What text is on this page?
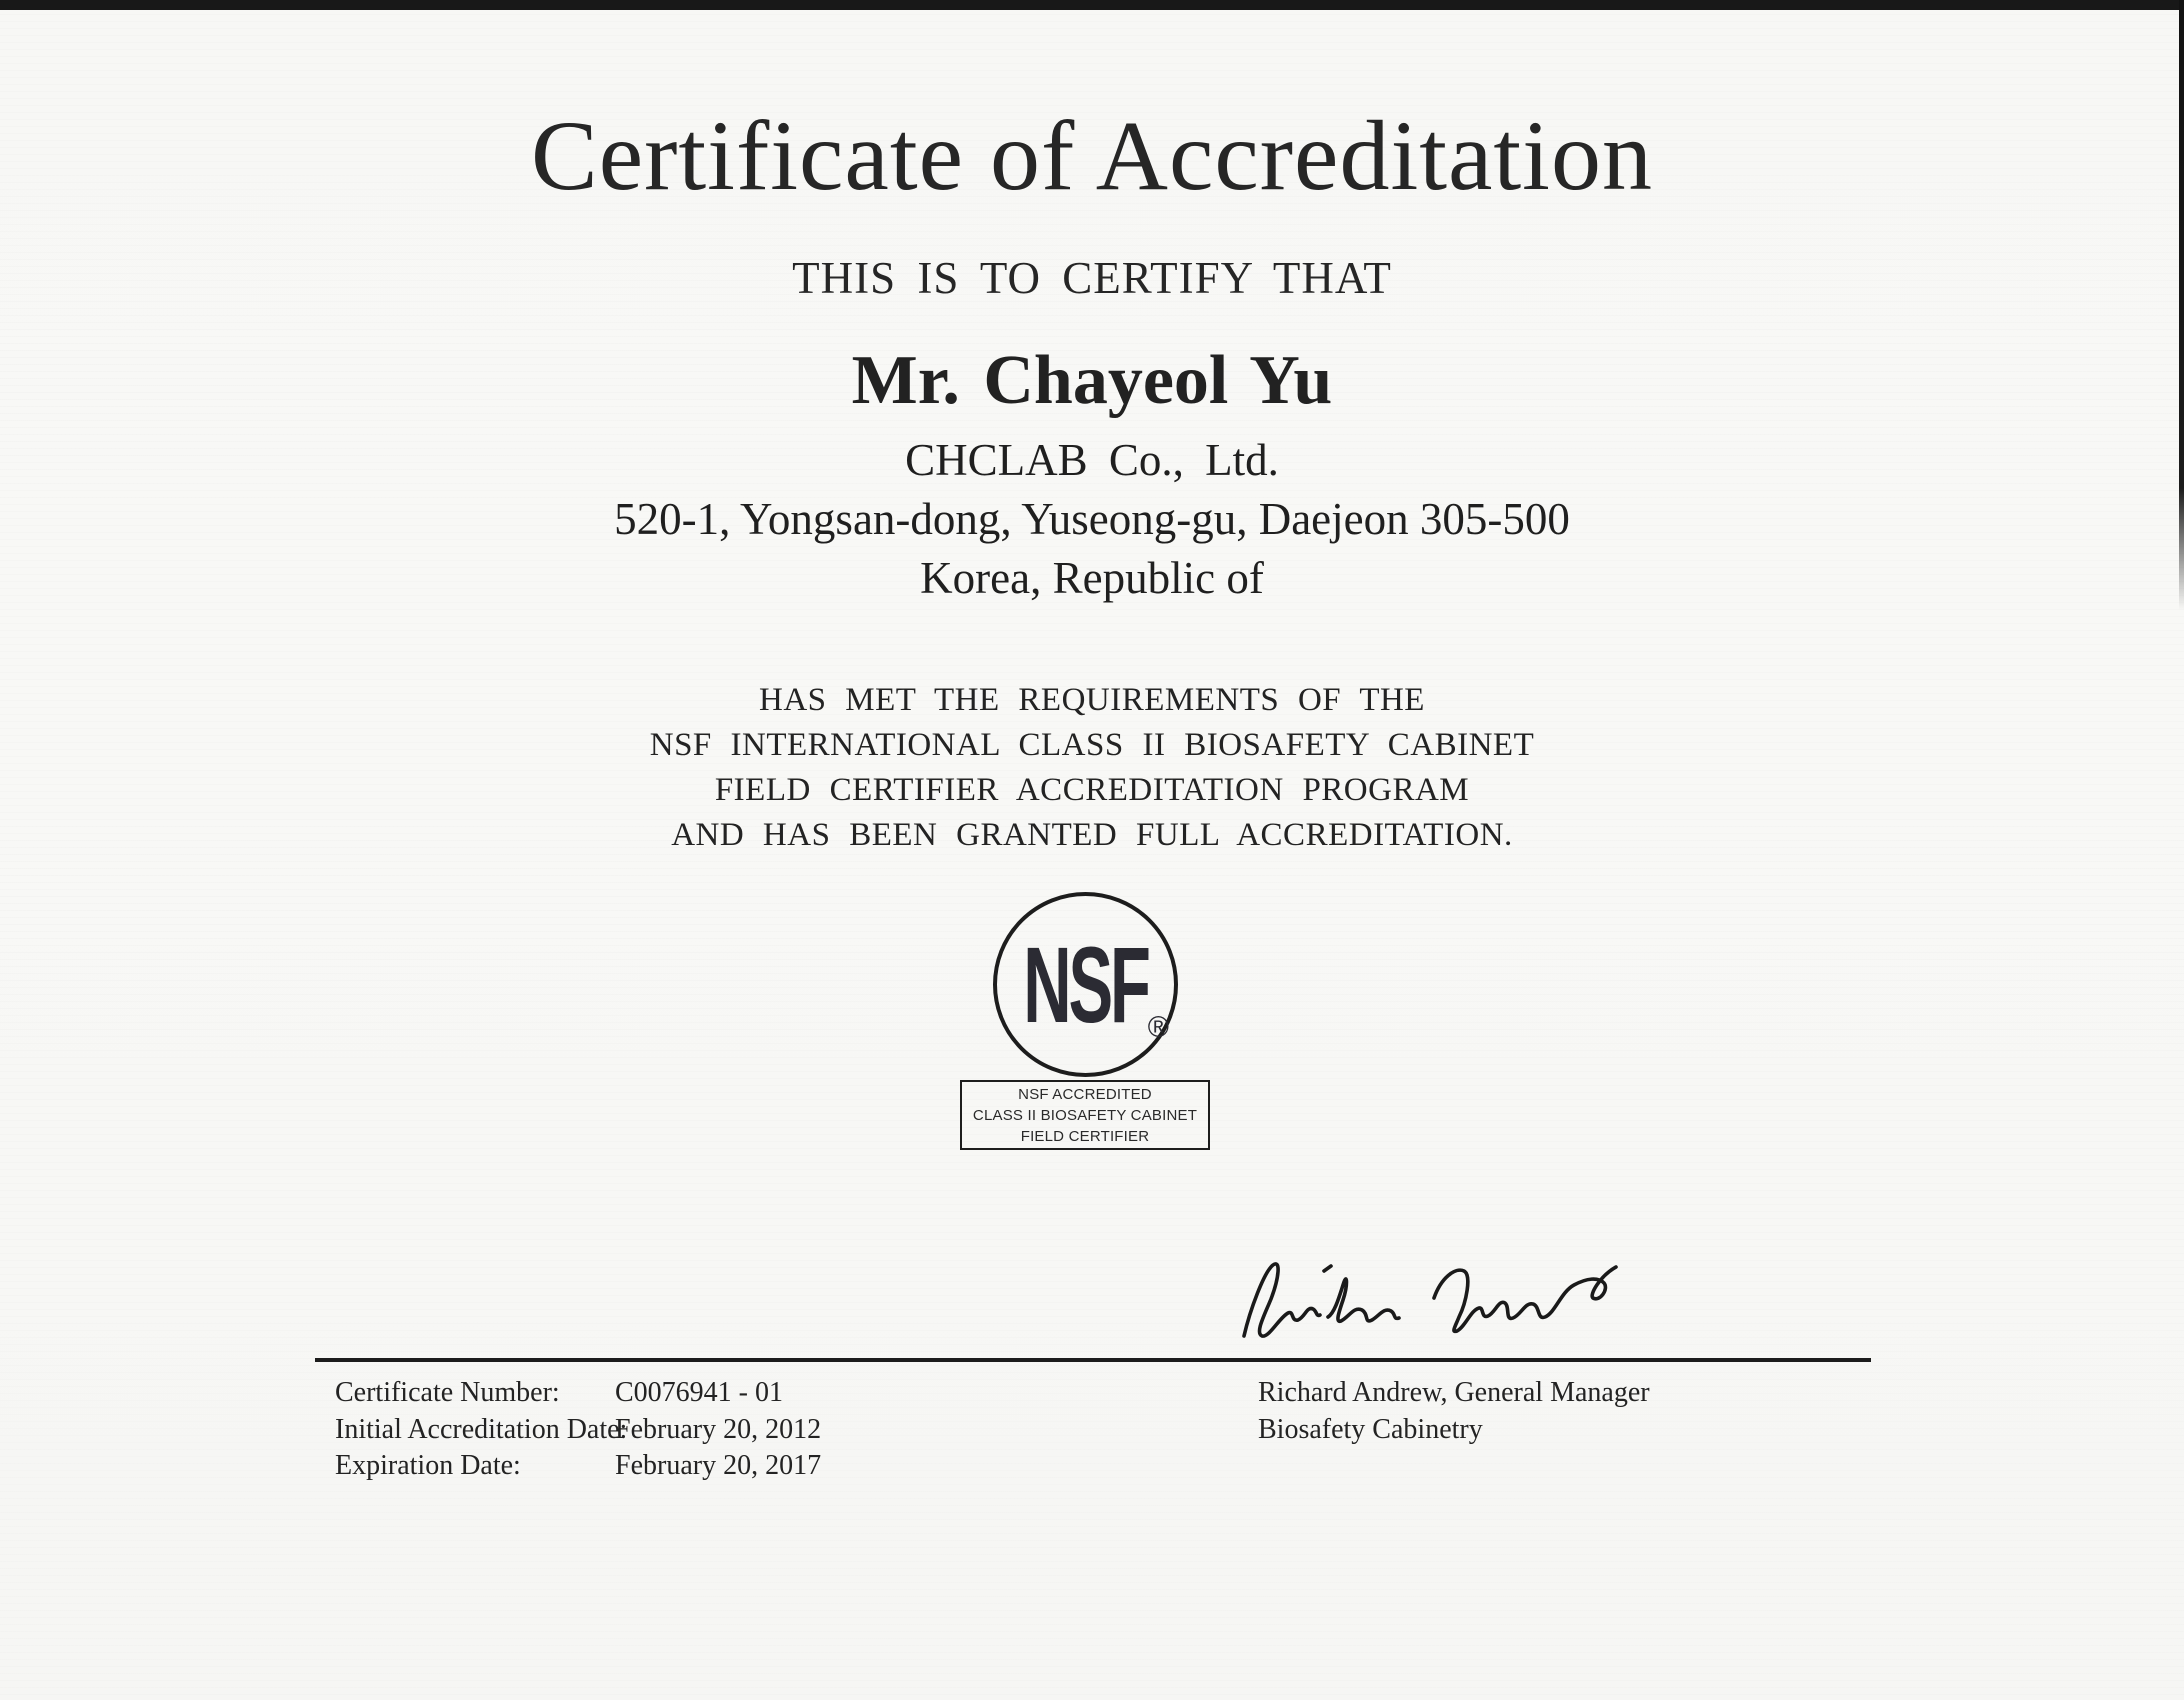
Certificate of Accreditation
THIS IS TO CERTIFY THAT
Mr. Chayeol Yu
CHCLAB Co., Ltd.
520-1, Yongsan-dong, Yuseong-gu, Daejeon 305-500
Korea, Republic of
HAS MET THE REQUIREMENTS OF THE
NSF INTERNATIONAL CLASS II BIOSAFETY CABINET
FIELD CERTIFIER ACCREDITATION PROGRAM
AND HAS BEEN GRANTED FULL ACCREDITATION.
NSF ®
NSF ACCREDITED
CLASS II BIOSAFETY CABINET
FIELD CERTIFIER
Certificate Number: C0076941 - 01
Initial Accreditation Date:
February 20, 2012
Expiration Date:	February 20, 2017
Richard Andrew, General Manager
Biosafety Cabinetry
